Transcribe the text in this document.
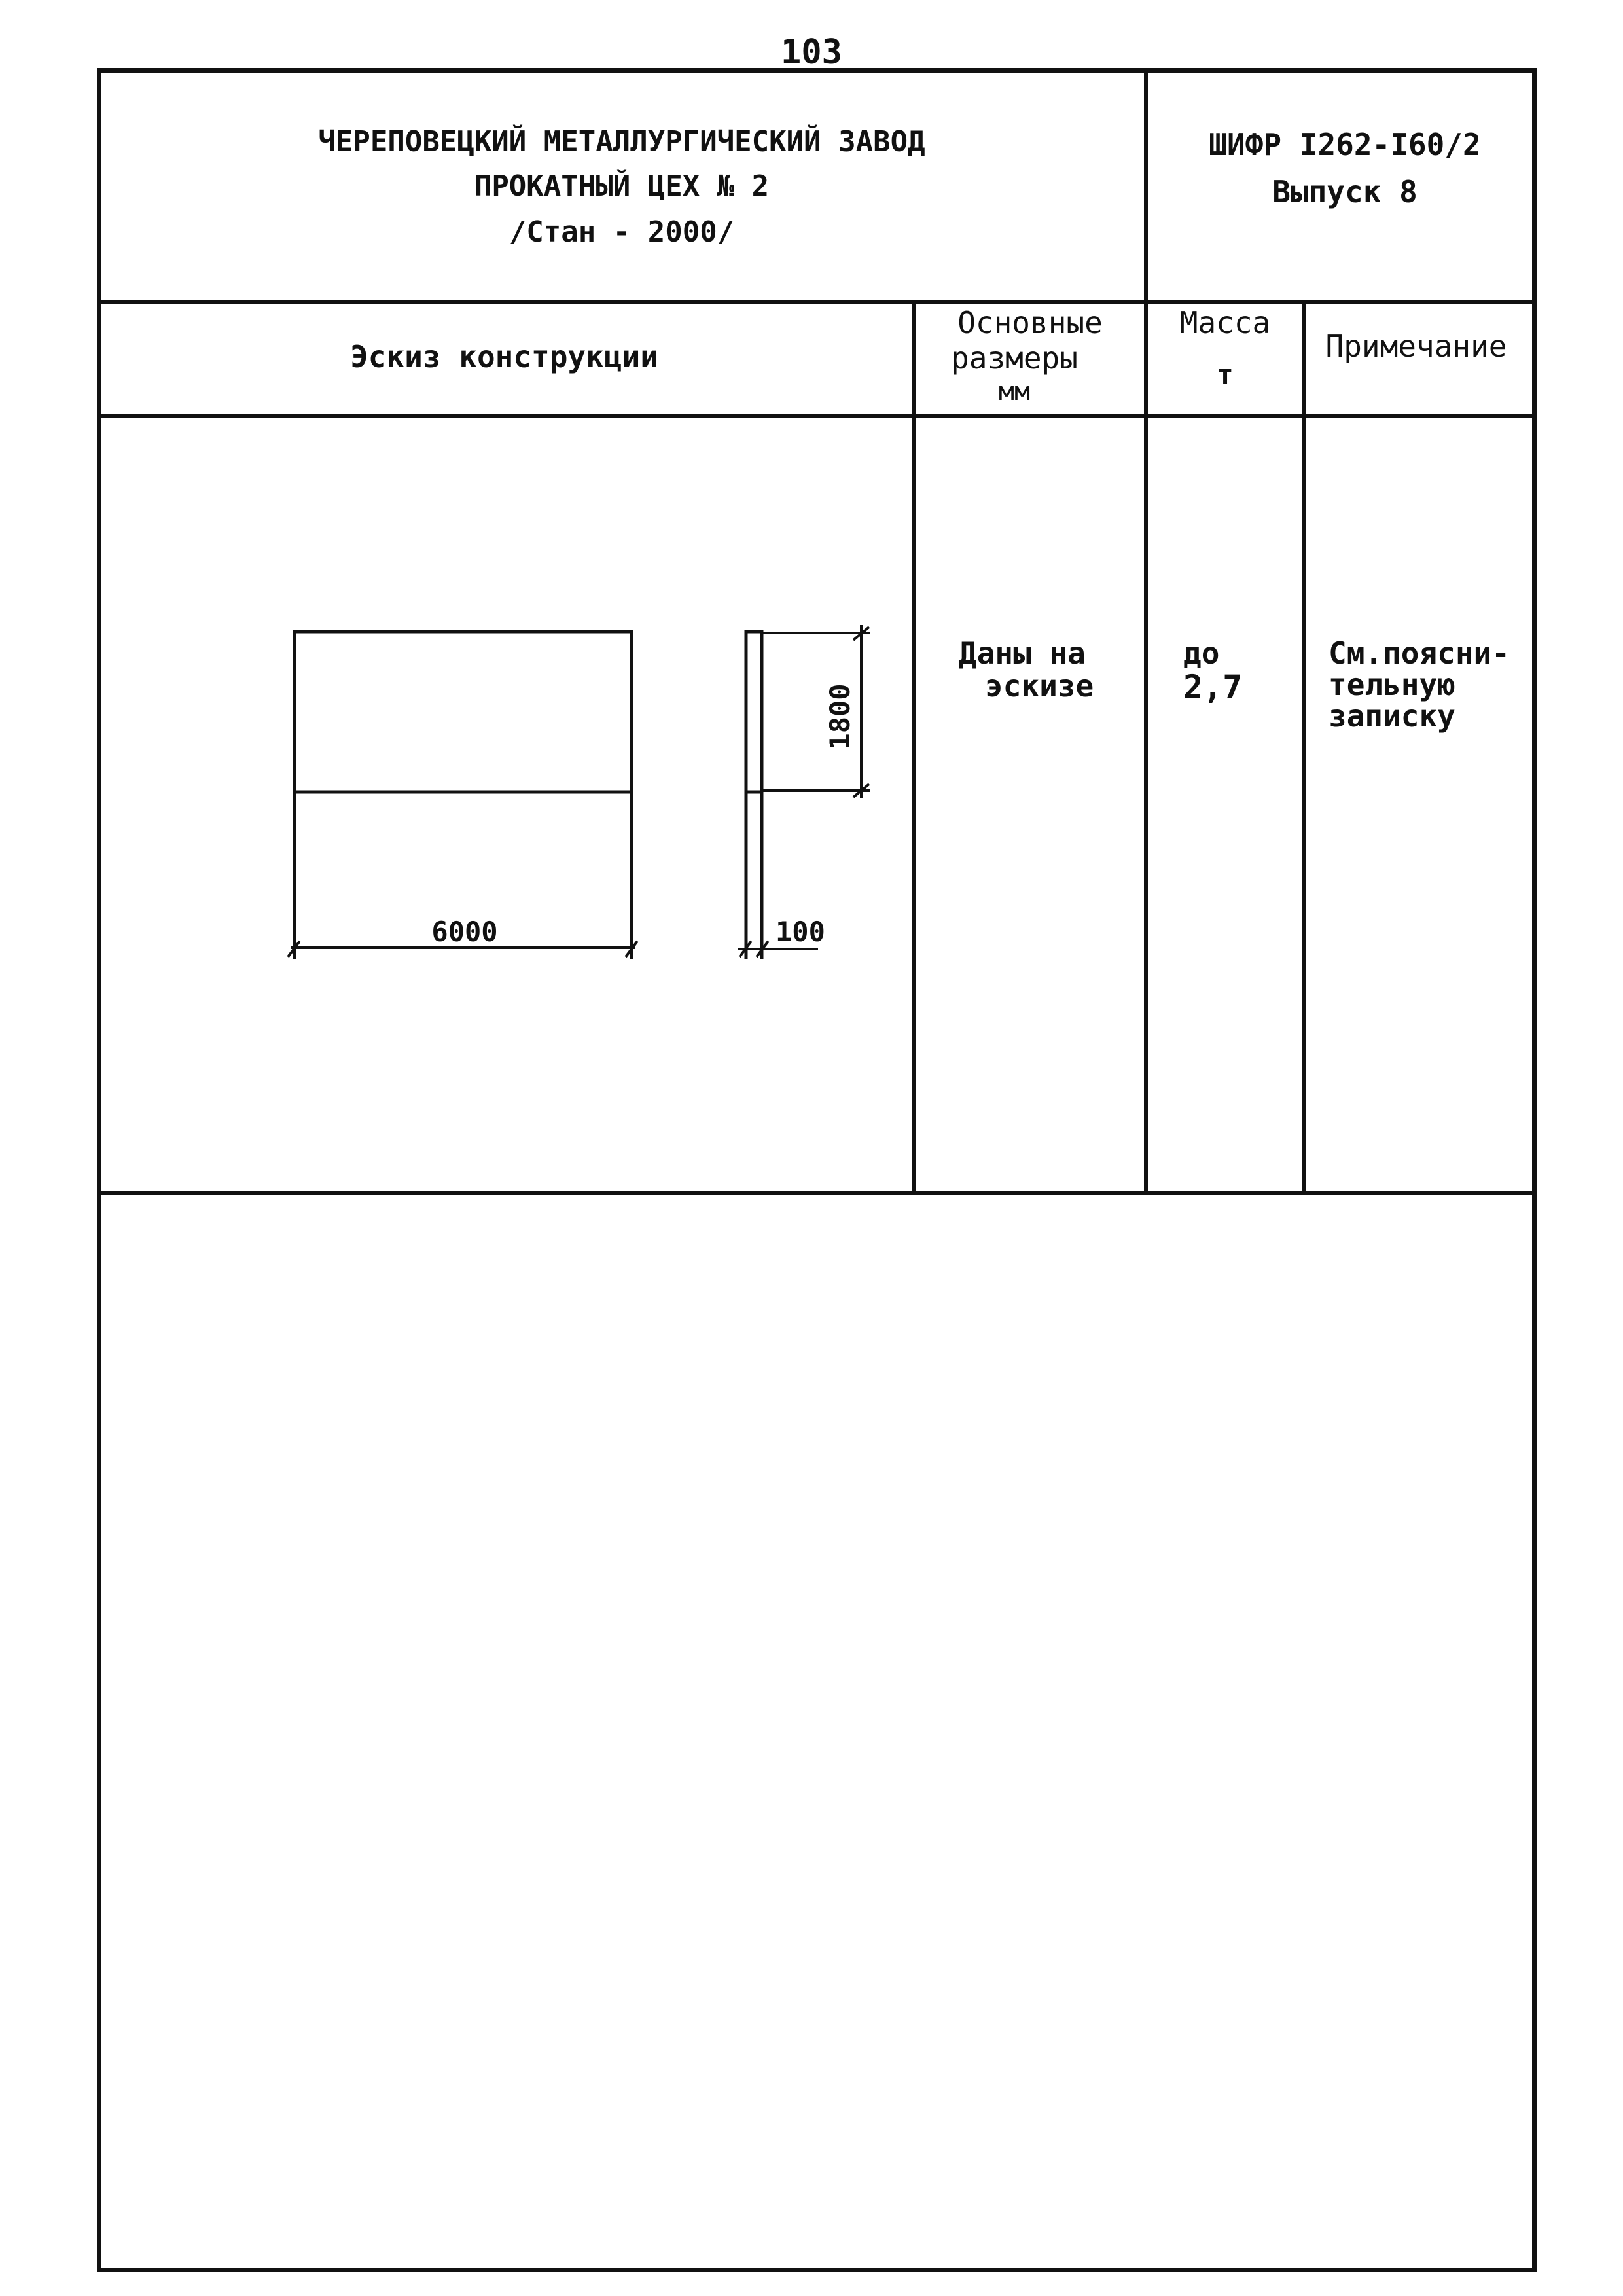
103
ЧЕРЕПОВЕЦКИЙ МЕТАЛЛУРГИЧЕСКИЙ ЗАВОД
ПРОКАТНЫЙ ЦЕХ № 2
/Стан - 2000/
ШИФР I262-I60/2
Выпуск 8
Эскиз конструкции
Основные
размеры
мм
Масса
т
Примечание
Даны на
эскизе
до
2,7
См.поясни-
тельную
записку
6000	100
1800
